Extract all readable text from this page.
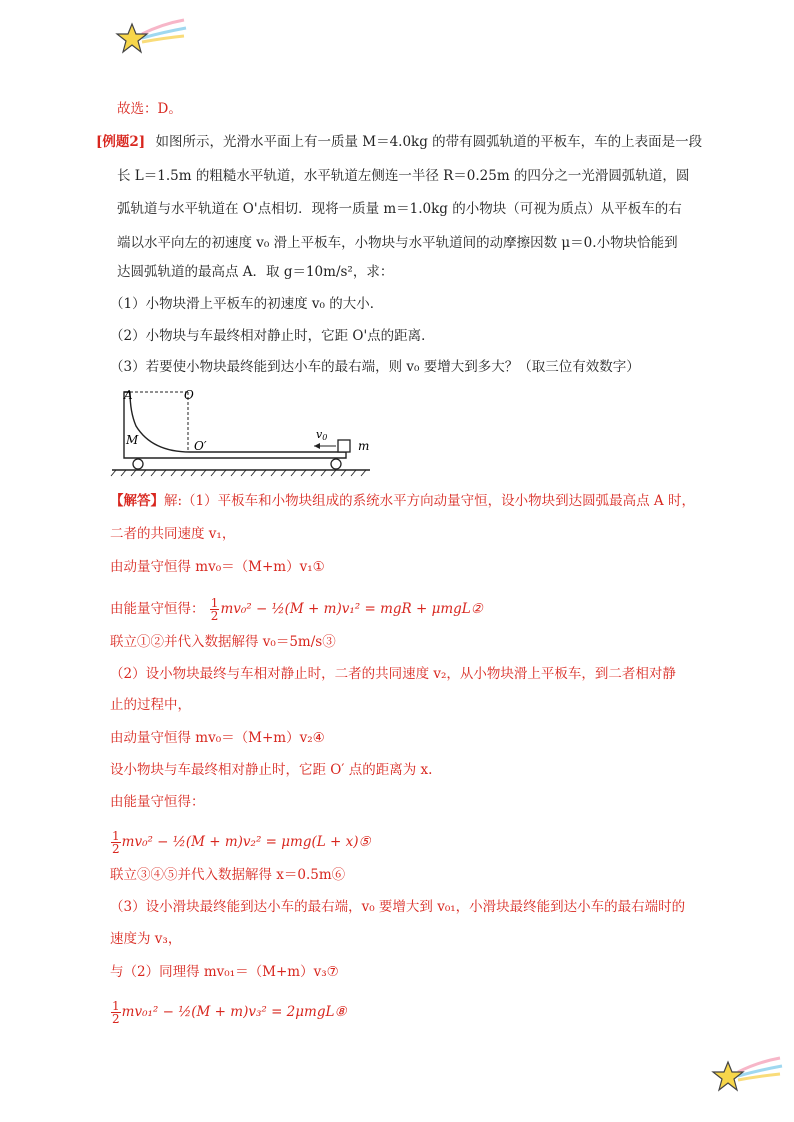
故选：D。
[例题2] 如图所示，光滑水平面上有一质量 M＝4.0kg 的带有圆弧轨道的平板车，车的上表面是一段
长 L＝1.5m 的粗糙水平轨道，水平轨道左侧连一半径 R＝0.25m 的四分之一光滑圆弧轨道，圆
弧轨道与水平轨道在 O'点相切．现将一质量 m＝1.0kg 的小物块（可视为质点）从平板车的右
端以水平向左的初速度 v₀ 滑上平板车，小物块与水平轨道间的动摩擦因数 μ＝0.小物块恰能到
达圆弧轨道的最高点 A．取 g＝10m/s²，求：
（1）小物块滑上平板车的初速度 v₀ 的大小．
（2）小物块与车最终相对静止时，它距 O'点的距离．
（3）若要使小物块最终能到达小车的最右端，则 v₀ 要增大到多大？（取三位有效数字）
A	O
M	O′
v0
m
【解答】解:（1）平板车和小物块组成的系统水平方向动量守恒，设小物块到达圆弧最高点 A 时，
二者的共同速度 v₁，
由动量守恒得 mv₀＝（M+m）v₁①
由能量守恒得： $\frac{1}{2} mv_0^2$ − ½(M + m)v₁² = mgR + μmgL②
联立①②并代入数据解得 v₀＝5m/s③
（2）设小物块最终与车相对静止时，二者的共同速度 v₂，从小物块滑上平板车，到二者相对静
止的过程中，
由动量守恒得 mv₀＝（M+m）v₂④
设小物块与车最终相对静止时，它距 O′ 点的距离为 x.
由能量守恒得：
$\frac{1}{2} mv_0^2$ − ½(M + m)v₂² = μmg(L + x)⑤
联立③④⑤并代入数据解得 x＝0.5m⑥
（3）设小滑块最终能到达小车的最右端，v₀ 要增大到 v₀₁，小滑块最终能到达小车的最右端时的
速度为 v₃，
与（2）同理得 mv₀₁＝（M+m）v₃⑦
$\frac{1}{2} mv_{01}^2$ − ½(M + m)v₃² = 2μmgL⑧
